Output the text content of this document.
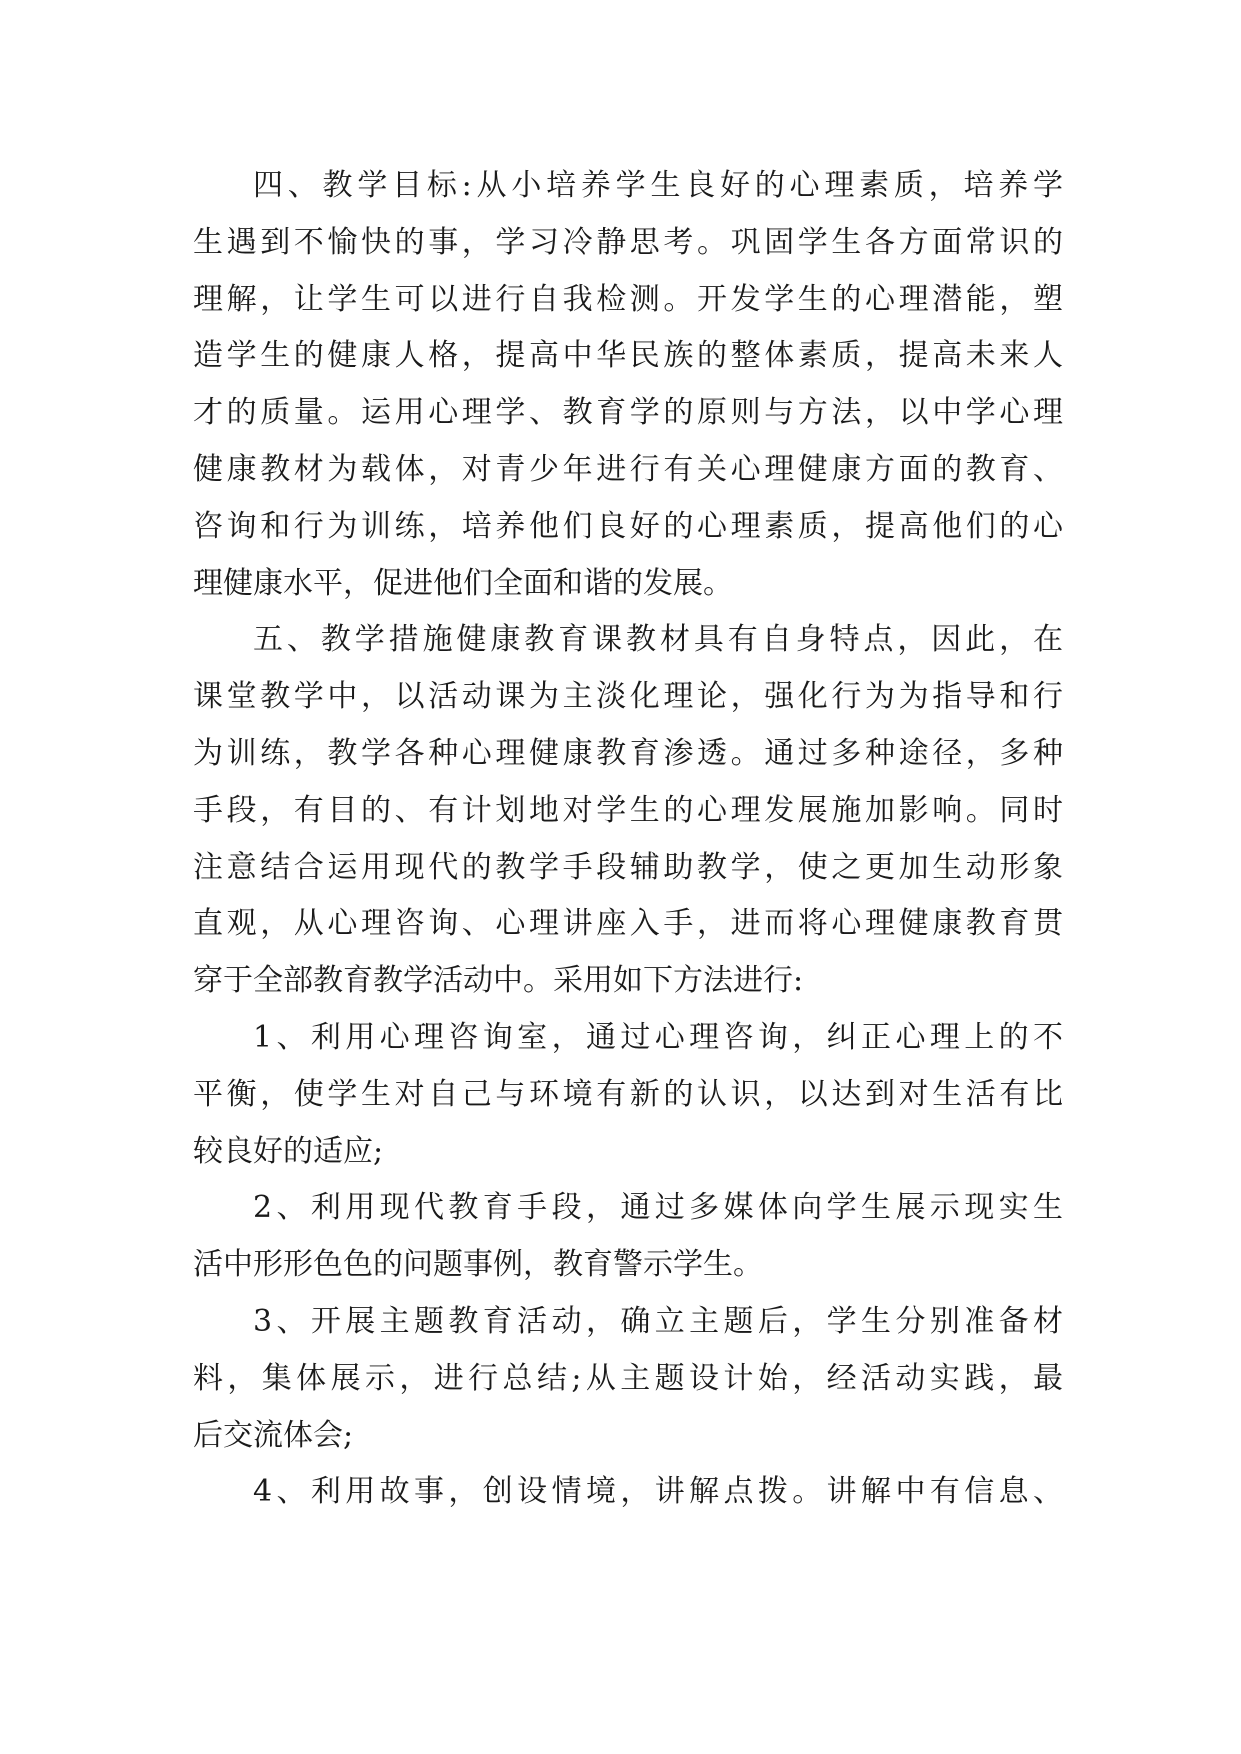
四、教学目标:从小培养学生良好的心理素质，培养学
生遇到不愉快的事，学习冷静思考。巩固学生各方面常识的
理解，让学生可以进行自我检测。开发学生的心理潜能，塑
造学生的健康人格，提高中华民族的整体素质，提高未来人
才的质量。运用心理学、教育学的原则与方法，以中学心理
健康教材为载体，对青少年进行有关心理健康方面的教育、
咨询和行为训练，培养他们良好的心理素质，提高他们的心
理健康水平，促进他们全面和谐的发展。
五、教学措施健康教育课教材具有自身特点，因此，在
课堂教学中，以活动课为主淡化理论，强化行为为指导和行
为训练，教学各种心理健康教育渗透。通过多种途径，多种
手段，有目的、有计划地对学生的心理发展施加影响。同时
注意结合运用现代的教学手段辅助教学，使之更加生动形象
直观，从心理咨询、心理讲座入手，进而将心理健康教育贯
穿于全部教育教学活动中。采用如下方法进行:
1、利用心理咨询室，通过心理咨询，纠正心理上的不
平衡，使学生对自己与环境有新的认识，以达到对生活有比
较良好的适应;
2、利用现代教育手段，通过多媒体向学生展示现实生
活中形形色色的问题事例，教育警示学生。
3、开展主题教育活动，确立主题后，学生分别准备材
料，集体展示，进行总结;从主题设计始，经活动实践，最
后交流体会;
4、利用故事，创设情境，讲解点拨。讲解中有信息、
